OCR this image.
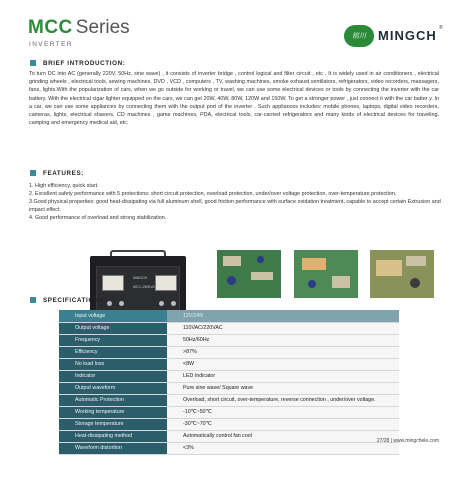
MCC Series
INVERTER
铭川 MINGCH ®
BRIEF INTRODUCTION:
To turn DC into AC (generally 220V, 50Hz, sine wave) , it consists of inverter bridge , control logical and filter circuit , etc . It is widely used in air conditioners , electrical grinding wheels , electrical tools, sewing machines, DVD , VCD , computers , TV, washing machines, smoke exhaust ventilators, refrigerators, video recorders, massagers, fans, lights.With the popularization of cars, when we go outside for working or travel, we can use some electrical devices or tools by connecting the inverter with the car battery. With the electrical cigar lighter equipped on the cars, we can get 20W, 40W, 80W, 120W and 150W. To get a stronger power , just connect it with the car batter y. In a car, we can use some appliances by connecting them with the output port of the inverter . Such appliances includes: mobile phones, laptops, digital video recorders, cameras, lights, electrical shavers, CD machines , game machines, PDA, electrical tools, car-carried refrigerators and many kinds of electrical devices for traveling, camping and emergency medical aid, etc.
FEATURES:
1. High efficiency, quick start.
2. Excellent safety performance with 5 protections: short circuit protection, overload protection, under/over voltage protection, over-temperature protection.
3.Good physical properties: good heat-dissipating via full aluminum shell, good friction performance with surface oxidation treatment, capable to accept certain Extrusion and impact effect.
4. Good performance of overload and strong stabilization.
MINGCH
MCC-150KVA
SPECIFICATIONS:
Input voltage	12V/24V
Output voltage	110VAC/220VAC
Frequency	50Hz/60Hz
Efficiency	>87%
No load loss	<8W
Indicator	LED Indicator
Output waveform	Pure sine wave/ Square wave
Automatic Protection	Overload, short circuit, over-temperature, reverse connection , under/over voltage.
Working temperature	-10℃~50℃
Storage temperature	-30℃~70℃
Heat-dissipating method	Automatically control fan cool
Waveform distortion	<3%
27/28 | www.mingchele.com
